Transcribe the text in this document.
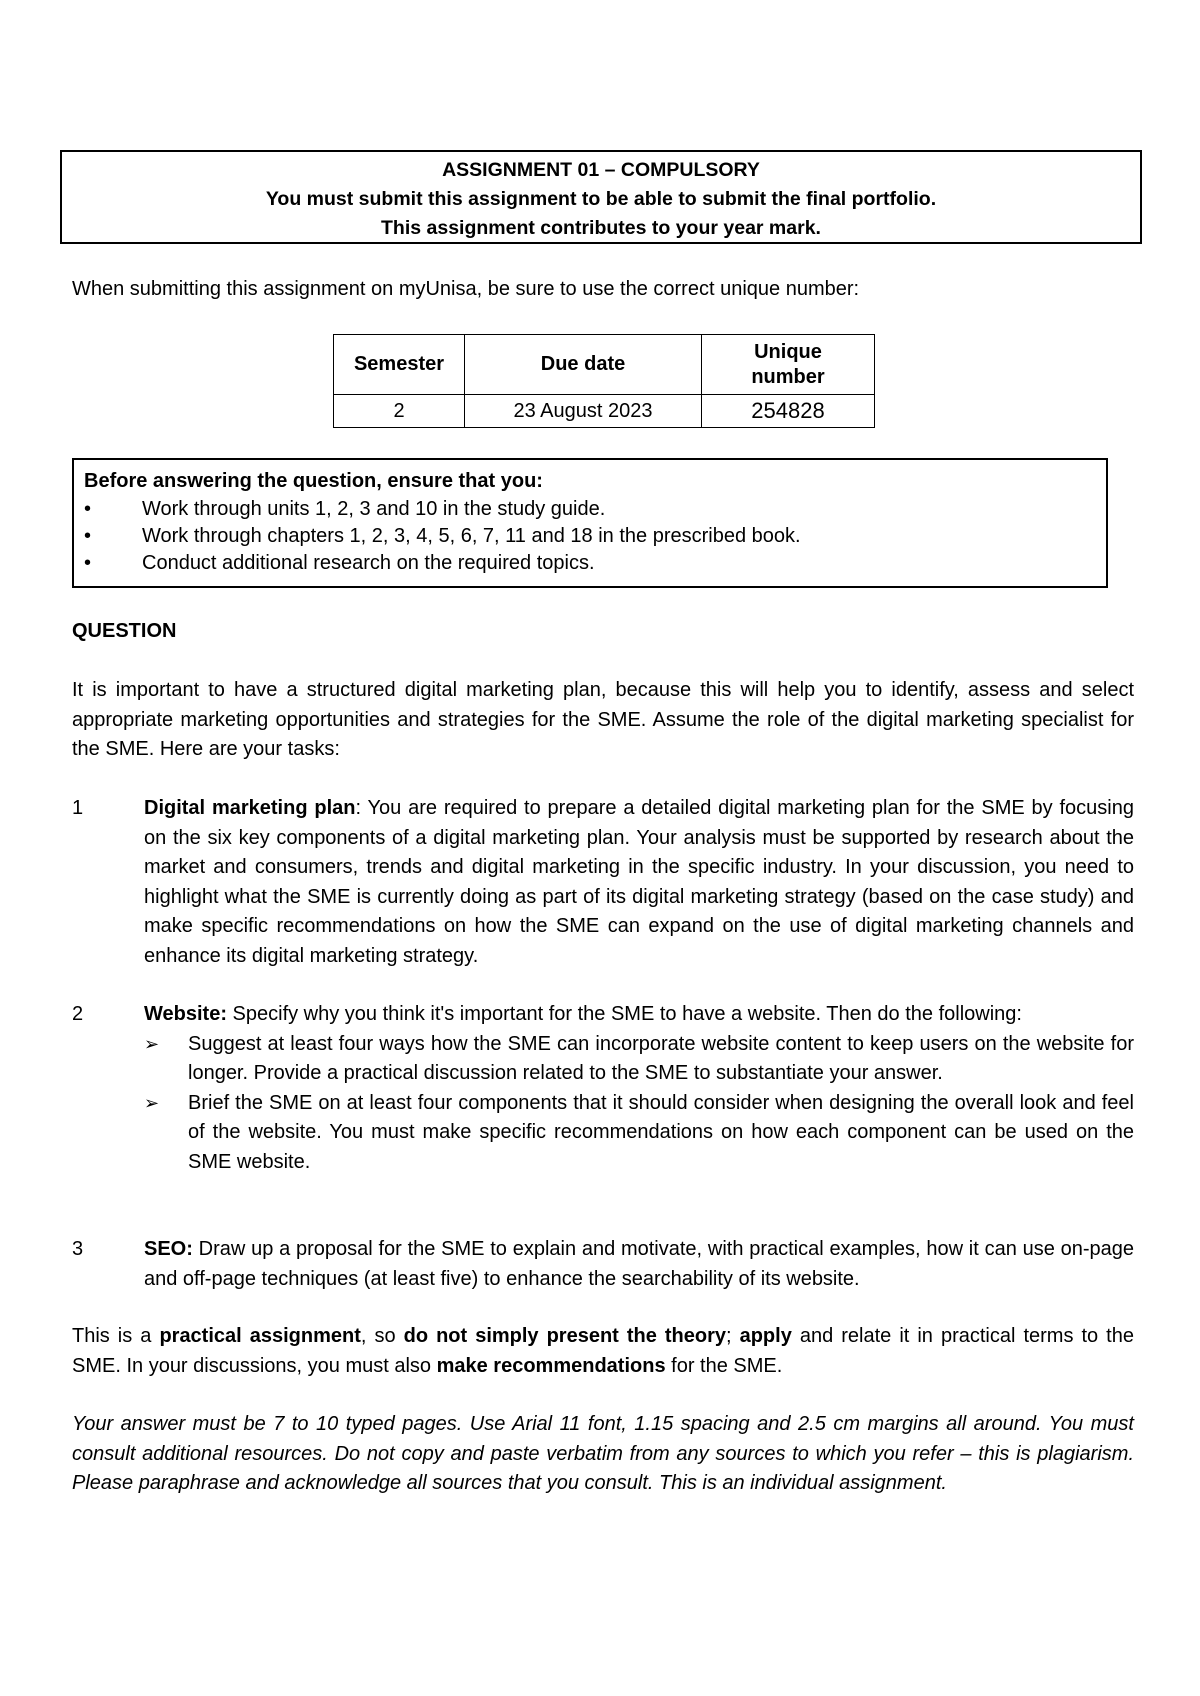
ASSIGNMENT 01 – COMPULSORY
You must submit this assignment to be able to submit the final portfolio.
This assignment contributes to your year mark.
When submitting this assignment on myUnisa, be sure to use the correct unique number:
Semester	Due date	Unique number
2	23 August 2023	254828

Before answering the question, ensure that you:

•	Work through units 1, 2, 3 and 10 in the study guide.
•	Work through chapters 1, 2, 3, 4, 5, 6, 7, 11 and 18 in the prescribed book.
•	Conduct additional research on the required topics.
QUESTION

It is important to have a structured digital marketing plan, because this will help you to identify, assess and select appropriate marketing opportunities and strategies for the SME. Assume the role of the digital marketing specialist for the SME. Here are your tasks:

1	Digital marketing plan: You are required to prepare a detailed digital marketing plan for the SME by focusing on the six key components of a digital marketing plan. Your analysis must be supported by research about the market and consumers, trends and digital marketing in the specific industry. In your discussion, you need to highlight what the SME is currently doing as part of its digital marketing strategy (based on the case study) and make specific recommendations on how the SME can expand on the use of digital marketing channels and enhance its digital marketing strategy.
2	Website: Specify why you think it's important for the SME to have a website. Then do the following:
➢ Suggest at least four ways how the SME can incorporate website content to keep users on the website for longer. Provide a practical discussion related to the SME to substantiate your answer.
➢ Brief the SME on at least four components that it should consider when designing the overall look and feel of the website. You must make specific recommendations on how each component can be used on the SME website.
3	SEO: Draw up a proposal for the SME to explain and motivate, with practical examples, how it can use on-page and off-page techniques (at least five) to enhance the searchability of its website.

This is a practical assignment, so do not simply present the theory; apply and relate it in practical terms to the SME. In your discussions, you must also make recommendations for the SME.

Your answer must be 7 to 10 typed pages. Use Arial 11 font, 1.15 spacing and 2.5 cm margins all around. You must consult additional resources. Do not copy and paste verbatim from any sources to which you refer – this is plagiarism. Please paraphrase and acknowledge all sources that you consult. This is an individual assignment.
